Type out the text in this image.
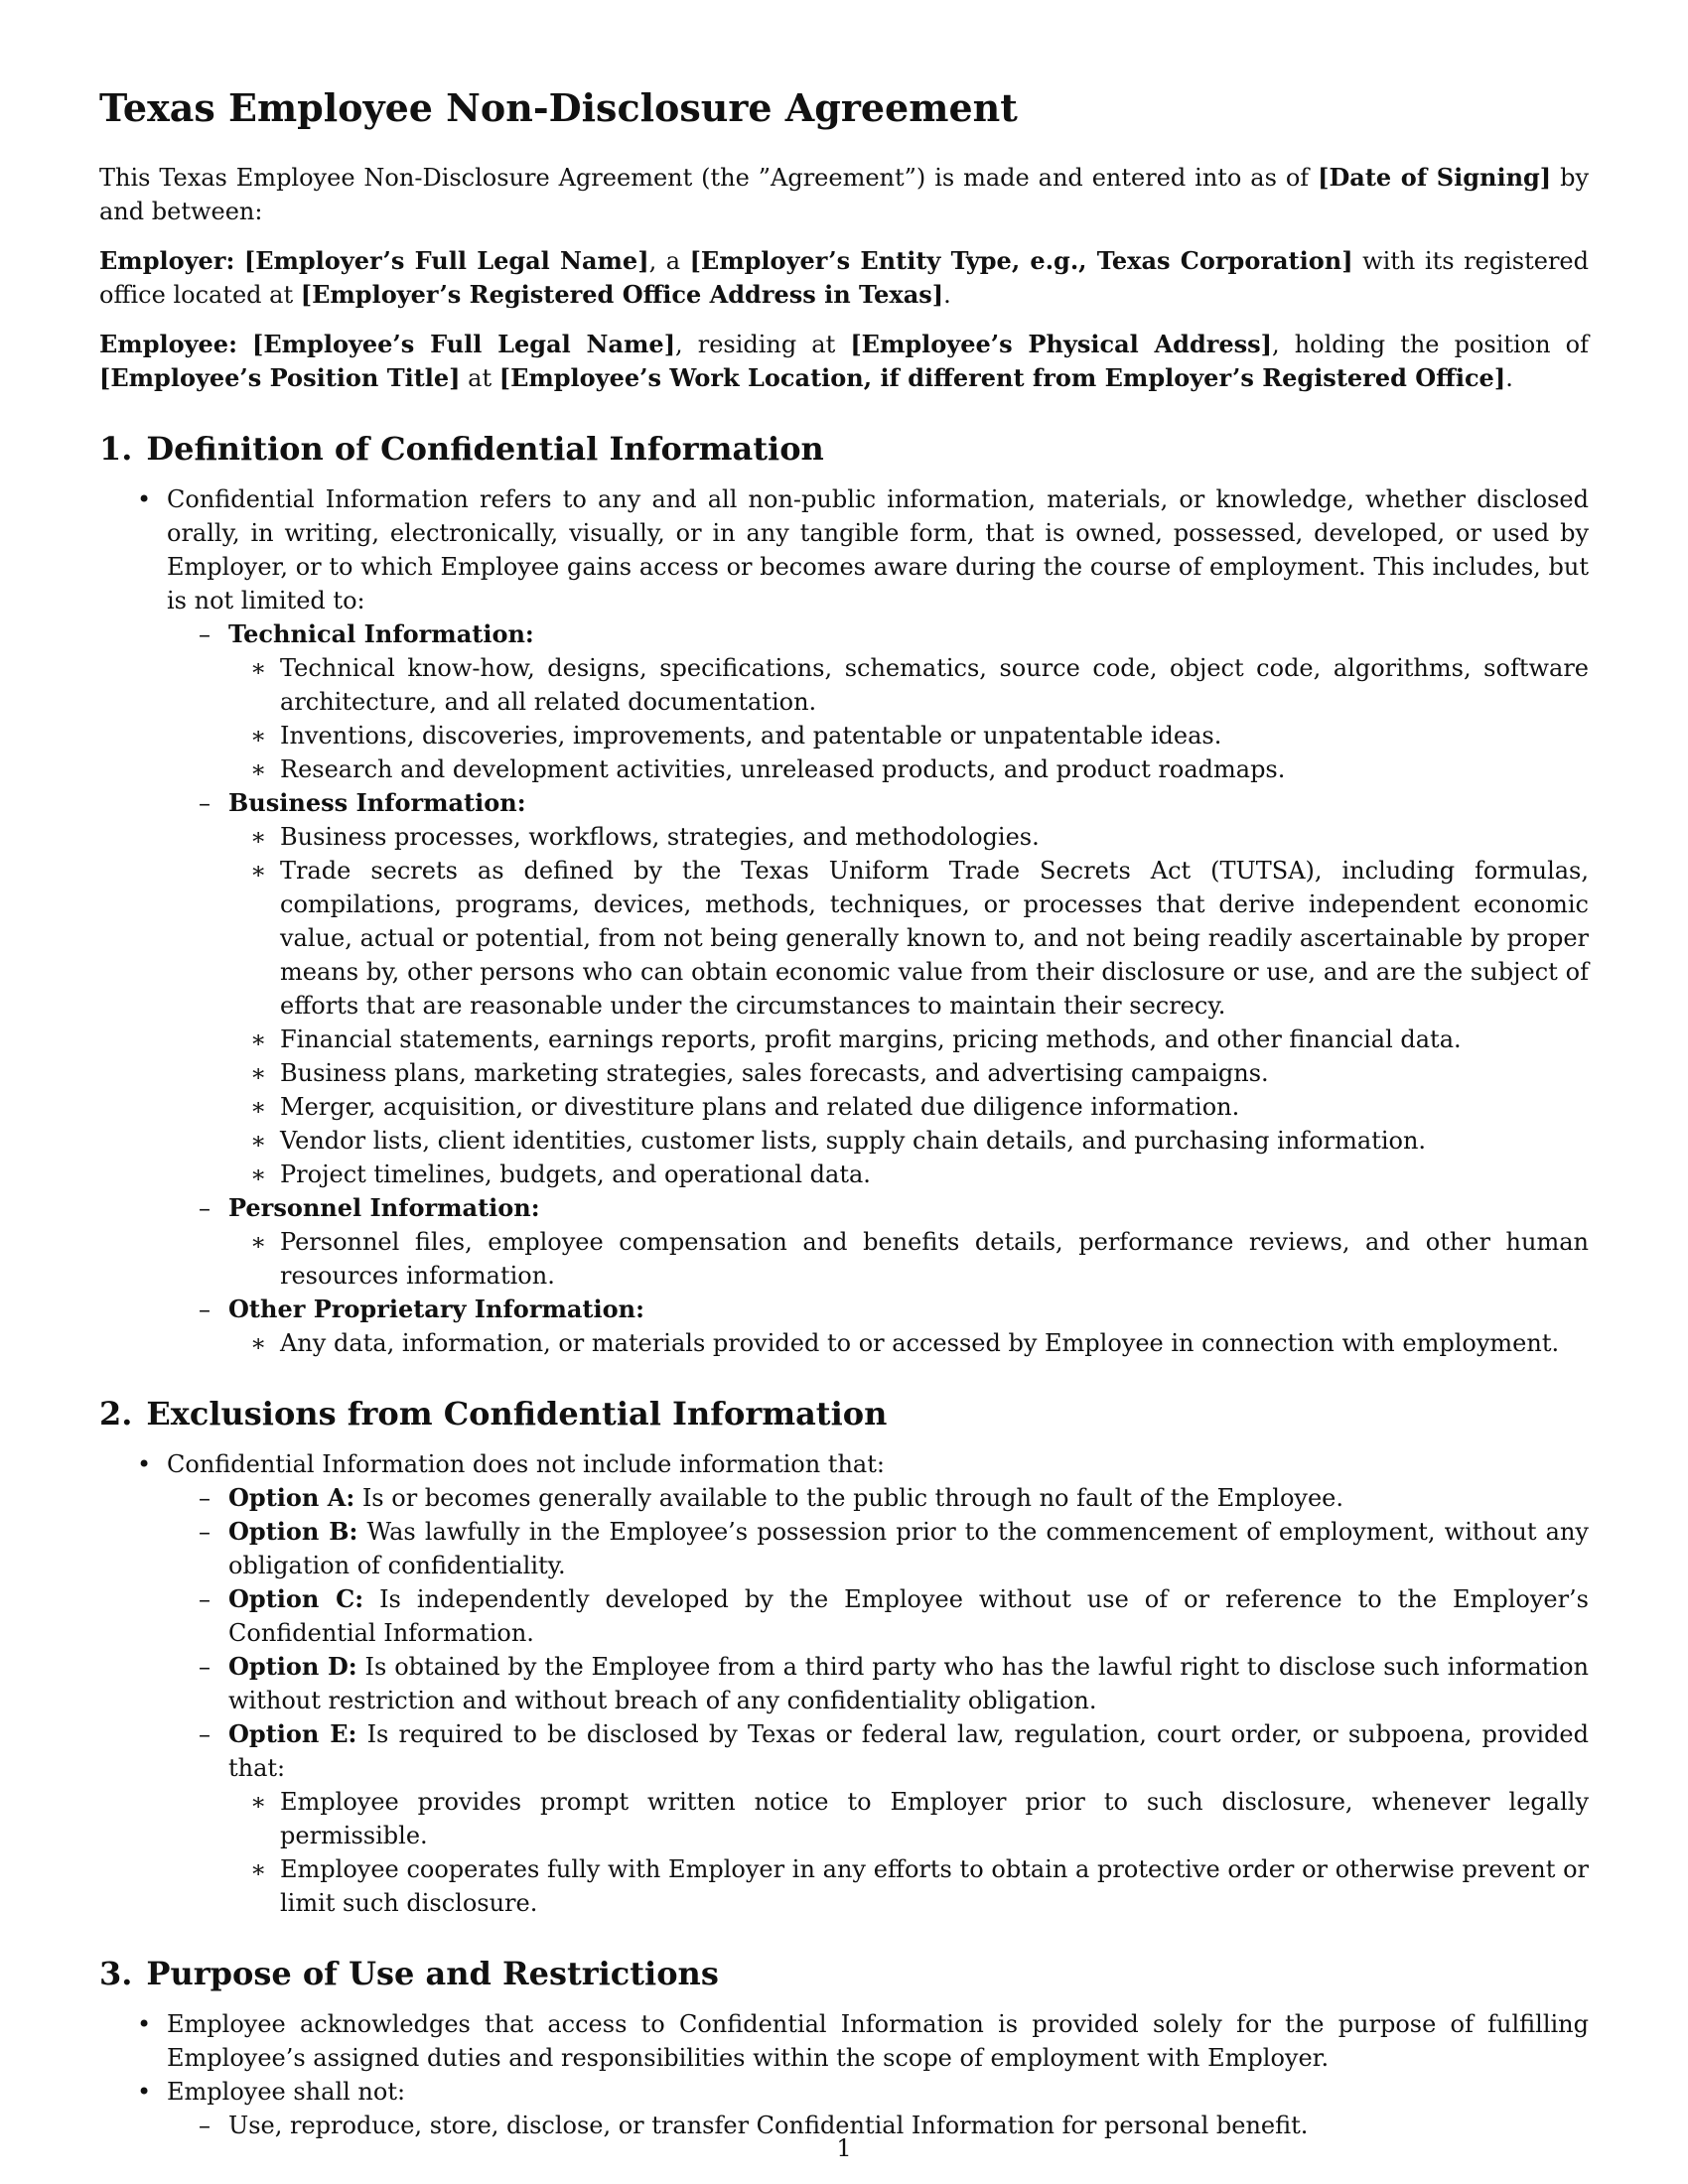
Texas Employee Non-Disclosure Agreement

This Texas Employee Non-Disclosure Agreement (the ”Agreement”) is made and entered into as of [Date of Signing] by and between:

Employer: [Employer’s Full Legal Name], a [Employer’s Entity Type, e.g., Texas Corporation] with its registered office located at [Employer’s Registered Office Address in Texas].

Employee: [Employee’s Full Legal Name], residing at [Employee’s Physical Address], holding the position of [Employee’s Position Title] at [Employee’s Work Location, if different from Employer’s Registered Office].

1. Definition of Confidential Information
• Confidential Information refers to any and all non-public information, materials, or knowledge, whether disclosed orally, in writing, electronically, visually, or in any tangible form, that is owned, possessed, developed, or used by Employer, or to which Employee gains access or becomes aware during the course of employment. This includes, but is not limited to:
– Technical Information:
∗ Technical know-how, designs, specifications, schematics, source code, object code, algorithms, software architecture, and all related documentation.
∗ Inventions, discoveries, improvements, and patentable or unpatentable ideas.
∗ Research and development activities, unreleased products, and product roadmaps.
– Business Information:
∗ Business processes, workflows, strategies, and methodologies.
∗ Trade secrets as defined by the Texas Uniform Trade Secrets Act (TUTSA), including formulas, compilations, programs, devices, methods, techniques, or processes that derive independent economic value, actual or potential, from not being generally known to, and not being readily ascertainable by proper means by, other persons who can obtain economic value from their disclosure or use, and are the subject of efforts that are reasonable under the circumstances to maintain their secrecy.
∗ Financial statements, earnings reports, profit margins, pricing methods, and other financial data.
∗ Business plans, marketing strategies, sales forecasts, and advertising campaigns.
∗ Merger, acquisition, or divestiture plans and related due diligence information.
∗ Vendor lists, client identities, customer lists, supply chain details, and purchasing information.
∗ Project timelines, budgets, and operational data.
– Personnel Information:
∗ Personnel files, employee compensation and benefits details, performance reviews, and other human resources information.
– Other Proprietary Information:
∗ Any data, information, or materials provided to or accessed by Employee in connection with employment.
2. Exclusions from Confidential Information
• Confidential Information does not include information that:
– Option A: Is or becomes generally available to the public through no fault of the Employee.
– Option B: Was lawfully in the Employee’s possession prior to the commencement of employment, without any obligation of confidentiality.
– Option C: Is independently developed by the Employee without use of or reference to the Employer’s Confidential Information.
– Option D: Is obtained by the Employee from a third party who has the lawful right to disclose such information without restriction and without breach of any confidentiality obligation.
– Option E: Is required to be disclosed by Texas or federal law, regulation, court order, or subpoena, provided that:
∗ Employee provides prompt written notice to Employer prior to such disclosure, whenever legally permissible.
∗ Employee cooperates fully with Employer in any efforts to obtain a protective order or otherwise prevent or limit such disclosure.
3. Purpose of Use and Restrictions
• Employee acknowledges that access to Confidential Information is provided solely for the purpose of fulfilling Employee’s assigned duties and responsibilities within the scope of employment with Employer.
• Employee shall not:
– Use, reproduce, store, disclose, or transfer Confidential Information for personal benefit.
1
